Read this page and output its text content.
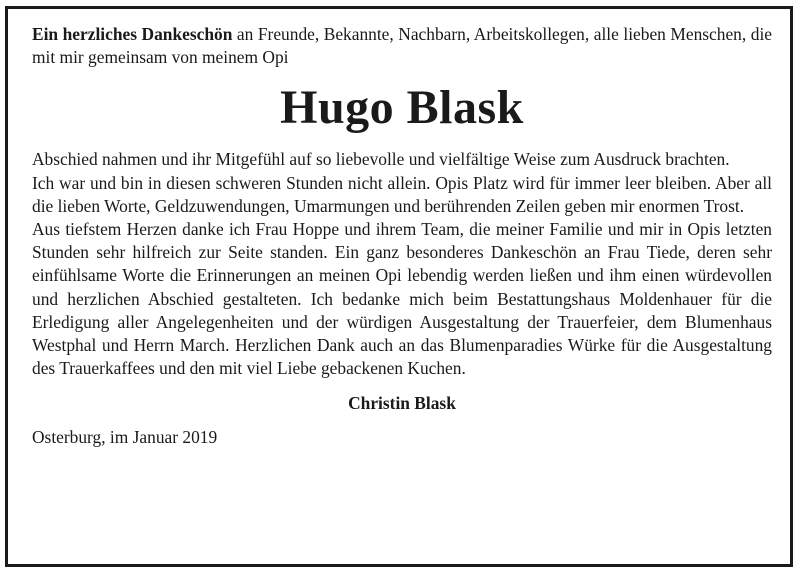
Ein herzliches Dankeschön an Freunde, Bekannte, Nachbarn, Arbeitskollegen, alle lieben Menschen, die mit mir gemeinsam von meinem Opi

Hugo Blask

Abschied nahmen und ihr Mitgefühl auf so liebevolle und vielfältige Weise zum Ausdruck brachten.

Ich war und bin in diesen schweren Stunden nicht allein. Opis Platz wird für immer leer bleiben. Aber all die lieben Worte, Geldzuwendungen, Umarmungen und berührenden Zeilen geben mir enormen Trost.

Aus tiefstem Herzen danke ich Frau Hoppe und ihrem Team, die meiner Familie und mir in Opis letzten Stunden sehr hilfreich zur Seite standen. Ein ganz besonderes Dankeschön an Frau Tiede, deren sehr einfühlsame Worte die Erinnerungen an meinen Opi lebendig werden ließen und ihm einen würdevollen und herzlichen Abschied gestalteten. Ich bedanke mich beim Bestattungshaus Moldenhauer für die Erledigung aller Angelegenheiten und der würdigen Ausgestaltung der Trauerfeier, dem Blumenhaus Westphal und Herrn March. Herzlichen Dank auch an das Blumenparadies Würke für die Ausgestaltung des Trauerkaffees und den mit viel Liebe gebackenen Kuchen.

Christin Blask

Osterburg, im Januar 2019
